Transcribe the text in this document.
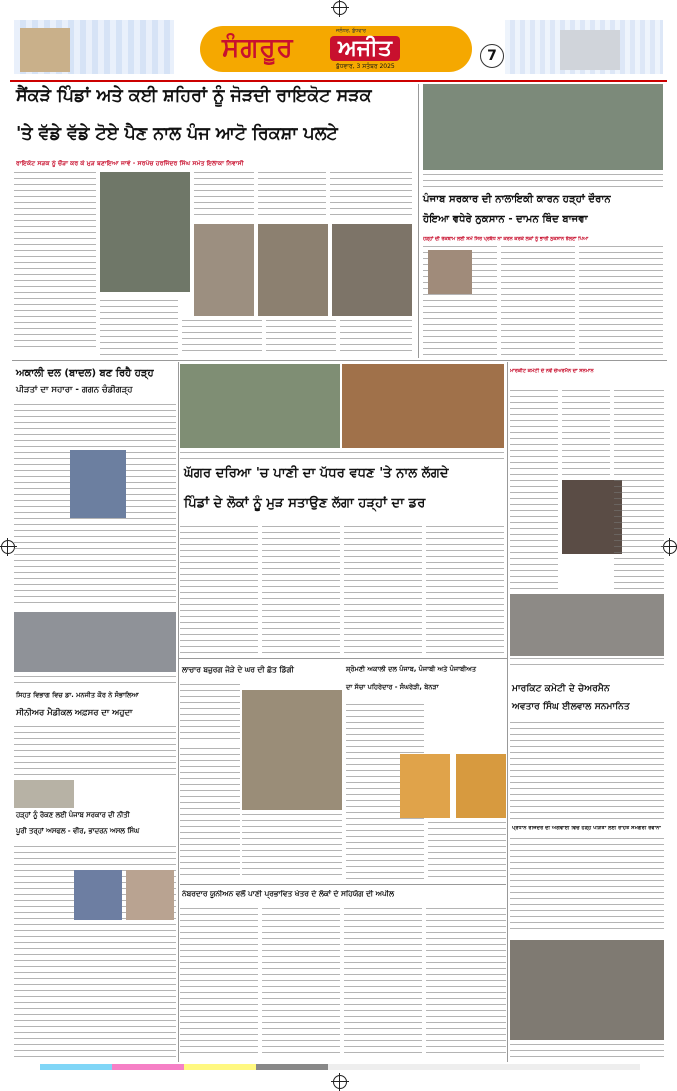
ਸੰਗਰੂਰ	ਅਜੀਤ
ਜਲੰਧਰ, ਬੁੱਧਵਾਰ
ਬੁੱਧਵਾਰ, 3 ਸਤੰਬਰ 2025
7
ਸੈਂਕੜੇ ਪਿੰਡਾਂ ਅਤੇ ਕਈ ਸ਼ਹਿਰਾਂ ਨੂੰ ਜੋੜਦੀ ਰਾਇਕੋਟ ਸੜਕ
'ਤੇ ਵੱਡੇ ਵੱਡੇ ਟੋਏ ਪੈਣ ਨਾਲ ਪੰਜ ਆਟੋ ਰਿਕਸ਼ਾ ਪਲਟੇ
ਰਾਇਕੋਟ ਸੜਕ ਨੂੰ ਚੌੜਾ ਕਰ ਕੇ ਮੁੜ ਬਣਾਇਆ ਜਾਵੇ - ਸਰਪੰਚ ਹਰਜਿੰਦਰ ਸਿੰਘ ਸਮੇਤ ਇਲਾਕਾ ਨਿਵਾਸੀ
ਪੰਜਾਬ ਸਰਕਾਰ ਦੀ ਨਾਲਾਇਕੀ ਕਾਰਨ ਹੜ੍ਹਾਂ ਦੌਰਾਨ
ਹੋਇਆ ਵਧੇਰੇ ਨੁਕਸਾਨ - ਦਾਮਨ ਥਿੰਦ ਬਾਜਵਾ
ਹੜ੍ਹਾਂ ਦੀ ਰੋਕਥਾਮ ਲਈ ਸਮੇਂ ਸਿਰ ਪ੍ਰਬੰਧ ਨਾ ਕਰਨ ਕਰਕੇ ਲੋਕਾਂ ਨੂੰ ਭਾਰੀ ਨੁਕਸਾਨ ਝੱਲਣਾ ਪਿਆ
ਅਕਾਲੀ ਦਲ (ਬਾਦਲ) ਬਣ ਰਿਹੈ ਹੜ੍ਹ
ਪੀੜਤਾਂ ਦਾ ਸਹਾਰਾ - ਗਗਨ ਚੰਡੀਗੜ੍ਹ
ਘੱਗਰ ਦਰਿਆ 'ਚ ਪਾਣੀ ਦਾ ਪੱਧਰ ਵਧਣ 'ਤੇ ਨਾਲ ਲੱਗਦੇ
ਪਿੰਡਾਂ ਦੇ ਲੋਕਾਂ ਨੂੰ ਮੁੜ ਸਤਾਉਣ ਲੱਗਾ ਹੜ੍ਹਾਂ ਦਾ ਡਰ
ਮਾਰਕੀਟ ਕਮੇਟੀ ਦੇ ਨਵੇਂ ਚੇਅਰਮੈਨ ਦਾ ਸਨਮਾਨ
ਸਿਹਤ ਵਿਭਾਗ ਵਿਚ ਡਾ. ਮਨਜੀਤ ਕੌਰ ਨੇ ਸੰਭਾਲਿਆ
ਸੀਨੀਅਰ ਮੈਡੀਕਲ ਅਫ਼ਸਰ ਦਾ ਅਹੁਦਾ
ਹੜ੍ਹਾਂ ਨੂੰ ਰੋਕਣ ਲਈ ਪੰਜਾਬ ਸਰਕਾਰ ਦੀ ਨੀਤੀ
ਪੂਰੀ ਤਰ੍ਹਾਂ ਅਸਫਲ - ਵੀਰ, ਭਾਦਰਨ ਅਸਲ ਸਿੰਘ
ਲਾਚਾਰ ਬਜ਼ੁਰਗ ਜੋੜੇ ਦੇ ਘਰ ਦੀ ਛੱਤ ਡਿੱਗੀ	ਸ਼੍ਰੋਮਣੀ ਅਕਾਲੀ ਦਲ ਪੰਜਾਬ, ਪੰਜਾਬੀ ਅਤੇ ਪੰਜਾਬੀਅਤ
ਦਾ ਸੱਚਾ ਪਹਿਰੇਦਾਰ - ਸੰਘਰੇੜੀ, ਬੇਨੜਾ	ਮਾਰਕਿਟ ਕਮੇਟੀ ਦੇ ਚੇਅਰਮੈਨ
ਅਵਤਾਰ ਸਿੰਘ ਈਲਵਾਲ ਸਨਮਾਨਿਤ
ਪ੍ਰਧਾਨ ਰਜਿੰਦਰ ਦੀ ਅਗਵਾਈ ਵਿਚ ਹੜ੍ਹ ਪੀੜਤਾਂ ਲਈ ਰਾਹਤ ਸਮੱਗਰੀ ਰਵਾਨਾ
ਨੰਬਰਦਾਰ ਯੂਨੀਅਨ ਵਲੋਂ ਪਾਣੀ ਪ੍ਰਭਾਵਿਤ ਖੇਤਰ ਦੇ ਲੋਕਾਂ ਦੇ ਸਹਿਯੋਗ ਦੀ ਅਪੀਲ
